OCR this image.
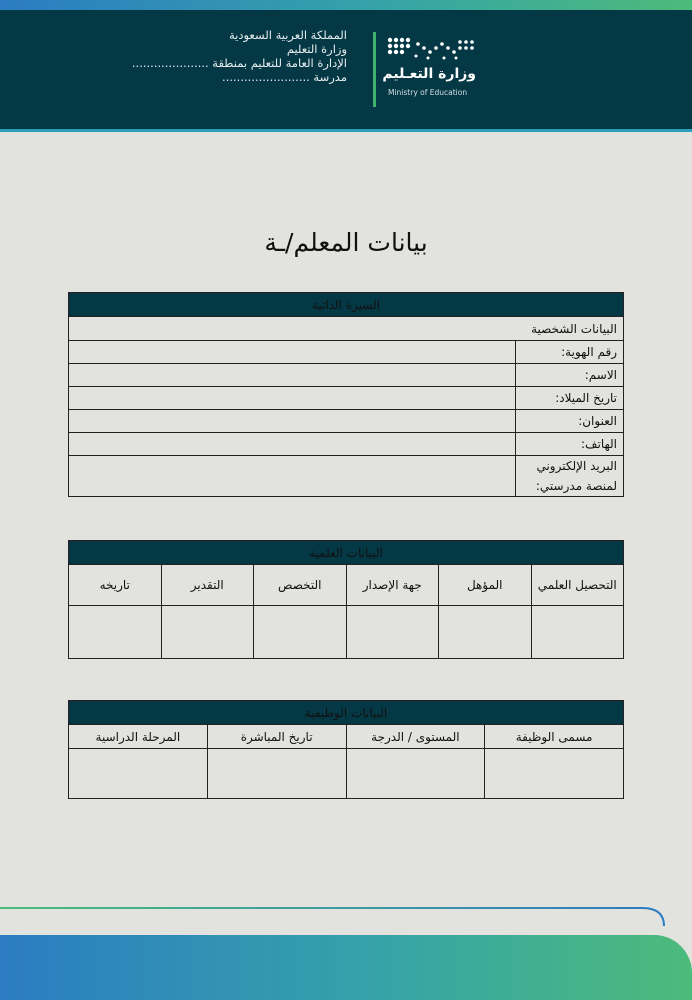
المملكة العربية السعودية
وزارة التعليم
الإدارة العامة للتعليم بمنطقة .....................
مدرسة ........................	وزارة التعـليم
Ministry of Education
بيانات المعلم/ـة
السيرة الذاتية	
البيانات الشخصية	
رقم الهوية:	
الاسم:	
تاريخ الميلاد:	
العنوان:	
الهاتف:	

البريد الإلكتروني
لمنصة مدرستي:	

البيانات العلمية					
التحصيل العلمي	المؤهل	جهة الإصدار	التخصص	التقدير	تاريخه

البيانات الوظيفية			
مسمى الوظيفة	المستوى / الدرجة	تاريخ المباشرة	المرحلة الدراسية
